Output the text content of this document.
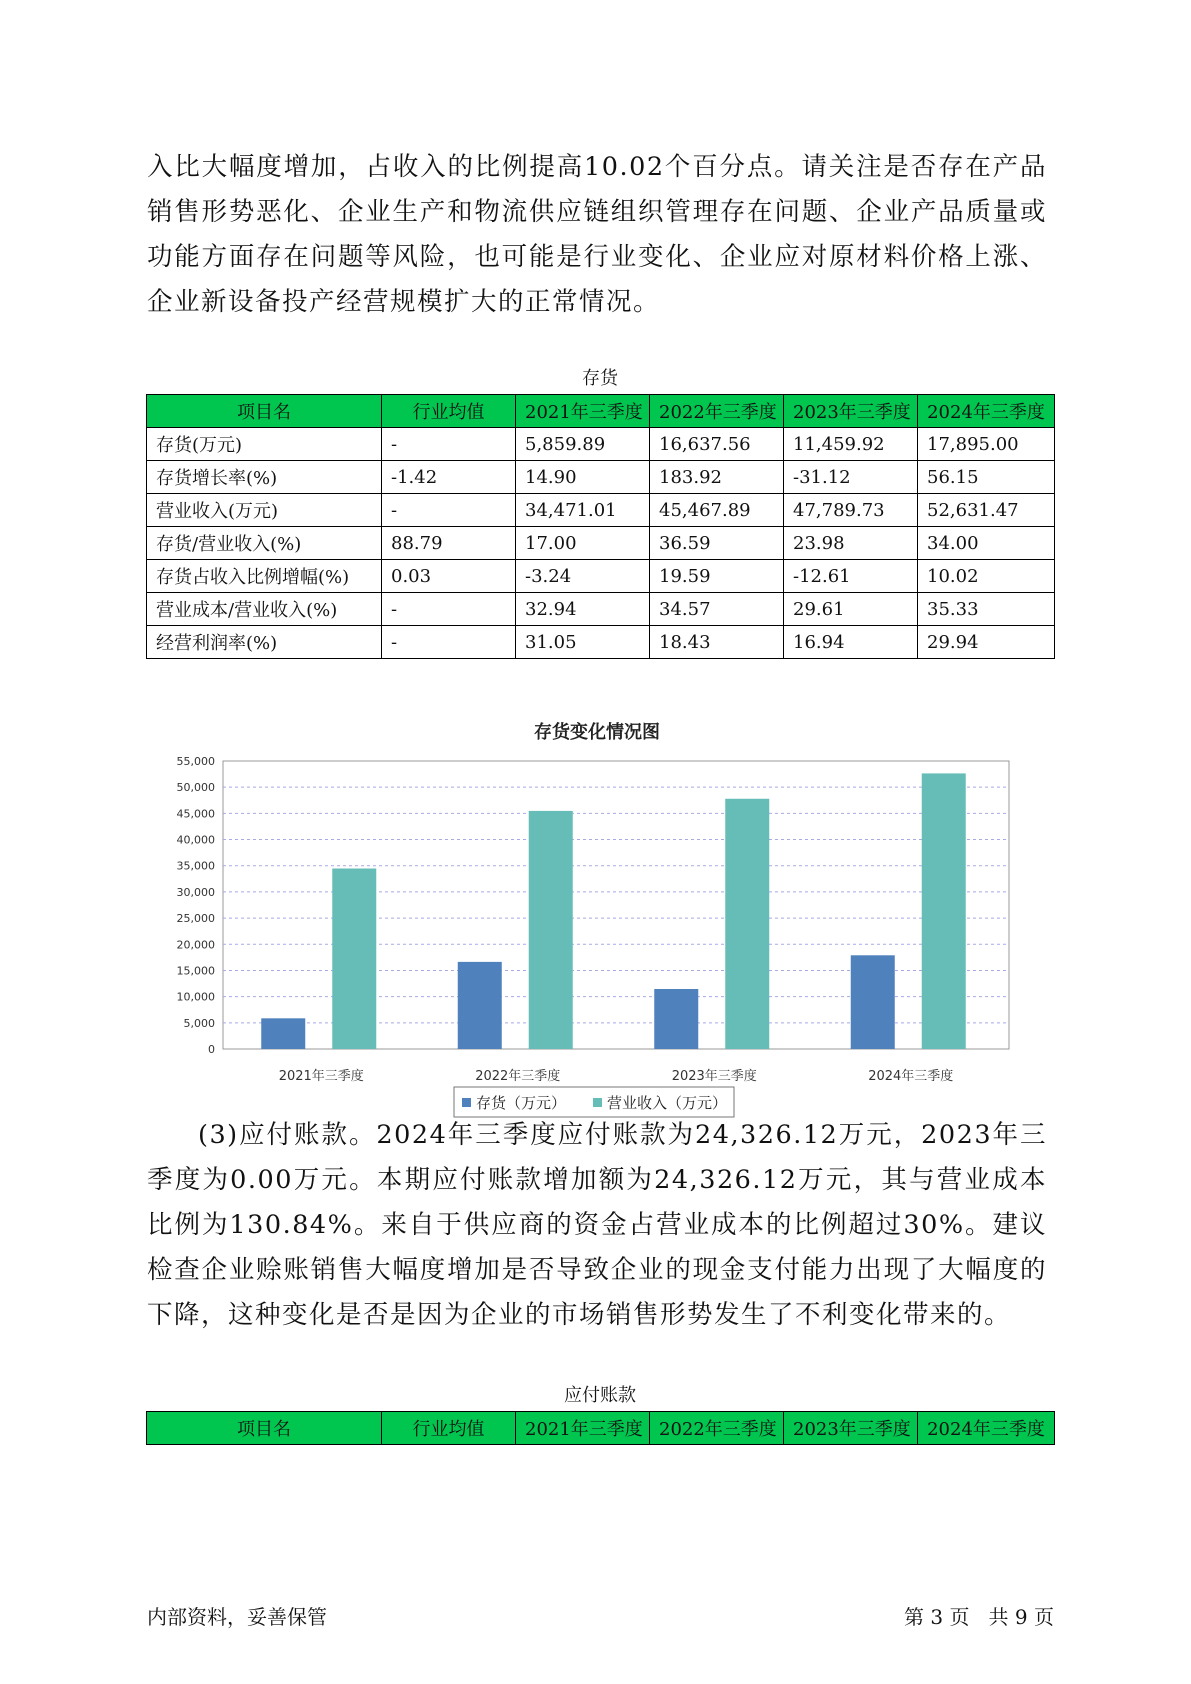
入比大幅度增加，占收入的比例提高10.02个百分点。请关注是否存在产品销售形势恶化、企业生产和物流供应链组织管理存在问题、企业产品质量或功能方面存在问题等风险，也可能是行业变化、企业应对原材料价格上涨、企业新设备投产经营规模扩大的正常情况。

存货
项目名	行业均值	2021年三季度	2022年三季度	2023年三季度	2024年三季度
存货(万元)	-	5,859.89	16,637.56	11,459.92	17,895.00
存货增长率(%)	-1.42	14.90	183.92	-31.12	56.15
营业收入(万元)	-	34,471.01	45,467.89	47,789.73	52,631.47
存货/营业收入(%)	88.79	17.00	36.59	23.98	34.00
存货占收入比例增幅(%)	0.03	-3.24	19.59	-12.61	10.02
营业成本/营业收入(%)	-	32.94	34.57	29.61	35.33
经营利润率(%)	-	31.05	18.43	16.94	29.94
存货变化情况图
0
5,000
10,000
15,000
20,000
25,000
30,000
35,000
40,000
45,000
50,000
55,000
2021年三季度	2022年三季度	2023年三季度	2024年三季度
存货（万元）	营业收入（万元）

(3)应付账款。2024年三季度应付账款为24,326.12万元，2023年三季度为0.00万元。本期应付账款增加额为24,326.12万元，其与营业成本比例为130.84%。来自于供应商的资金占营业成本的比例超过30%。建议检查企业赊账销售大幅度增加是否导致企业的现金支付能力出现了大幅度的下降，这种变化是否是因为企业的市场销售形势发生了不利变化带来的。

应付账款
项目名	行业均值	2021年三季度	2022年三季度	2023年三季度	2024年三季度
内部资料，妥善保管	第 3 页   共 9 页
